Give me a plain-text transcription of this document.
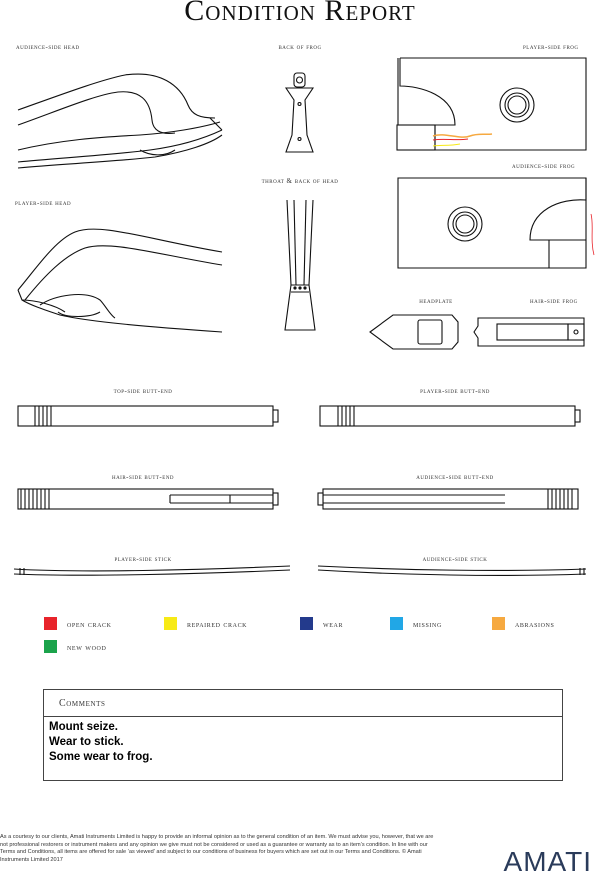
Condition Report
audience-side head	back of frog	player-side frog
player-side head
throat & back of head
audience-side frog
headplate	hair-side frog
top-side butt-end	player-side butt-end
hair-side butt-end	audience-side butt-end
player-side stick	audience-side stick
open crack	repaired crack	wear	missing	abrasions
new wood
Comments
Mount seize.
Wear to stick.
Some wear to frog.
As a courtesy to our clients, Amati Instruments Limited is happy to provide an informal opinion as to the general condition of an item. We must advise you, however, that we are not professional restorers or instrument makers and any opinion we give must not be considered or used as a guarantee or warranty as to an item’s condition. In line with our Terms and Conditions, all items are offered for sale ‘as viewed’ and subject to our conditions of business for buyers which are set out in our Terms and Conditions. © Amati Instruments Limited 2017	AMATI
